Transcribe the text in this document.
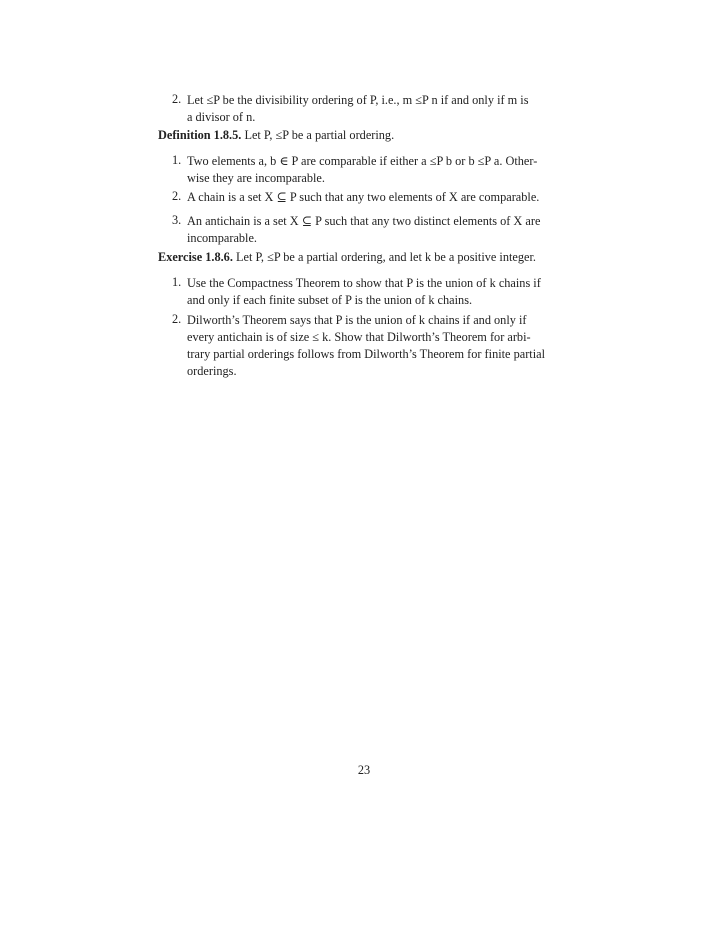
2. Let ≤P be the divisibility ordering of P, i.e., m ≤P n if and only if m is
a divisor of n.
Definition 1.8.5. Let P, ≤P be a partial ordering.
1. Two elements a, b ∈ P are comparable if either a ≤P b or b ≤P a. Other-
wise they are incomparable.
2. A chain is a set X ⊆ P such that any two elements of X are comparable.
3. An antichain is a set X ⊆ P such that any two distinct elements of X are
incomparable.
Exercise 1.8.6. Let P, ≤P be a partial ordering, and let k be a positive integer.
1. Use the Compactness Theorem to show that P is the union of k chains if
and only if each finite subset of P is the union of k chains.
2. Dilworth’s Theorem says that P is the union of k chains if and only if
every antichain is of size ≤ k. Show that Dilworth’s Theorem for arbi-
trary partial orderings follows from Dilworth’s Theorem for finite partial
orderings.
23
